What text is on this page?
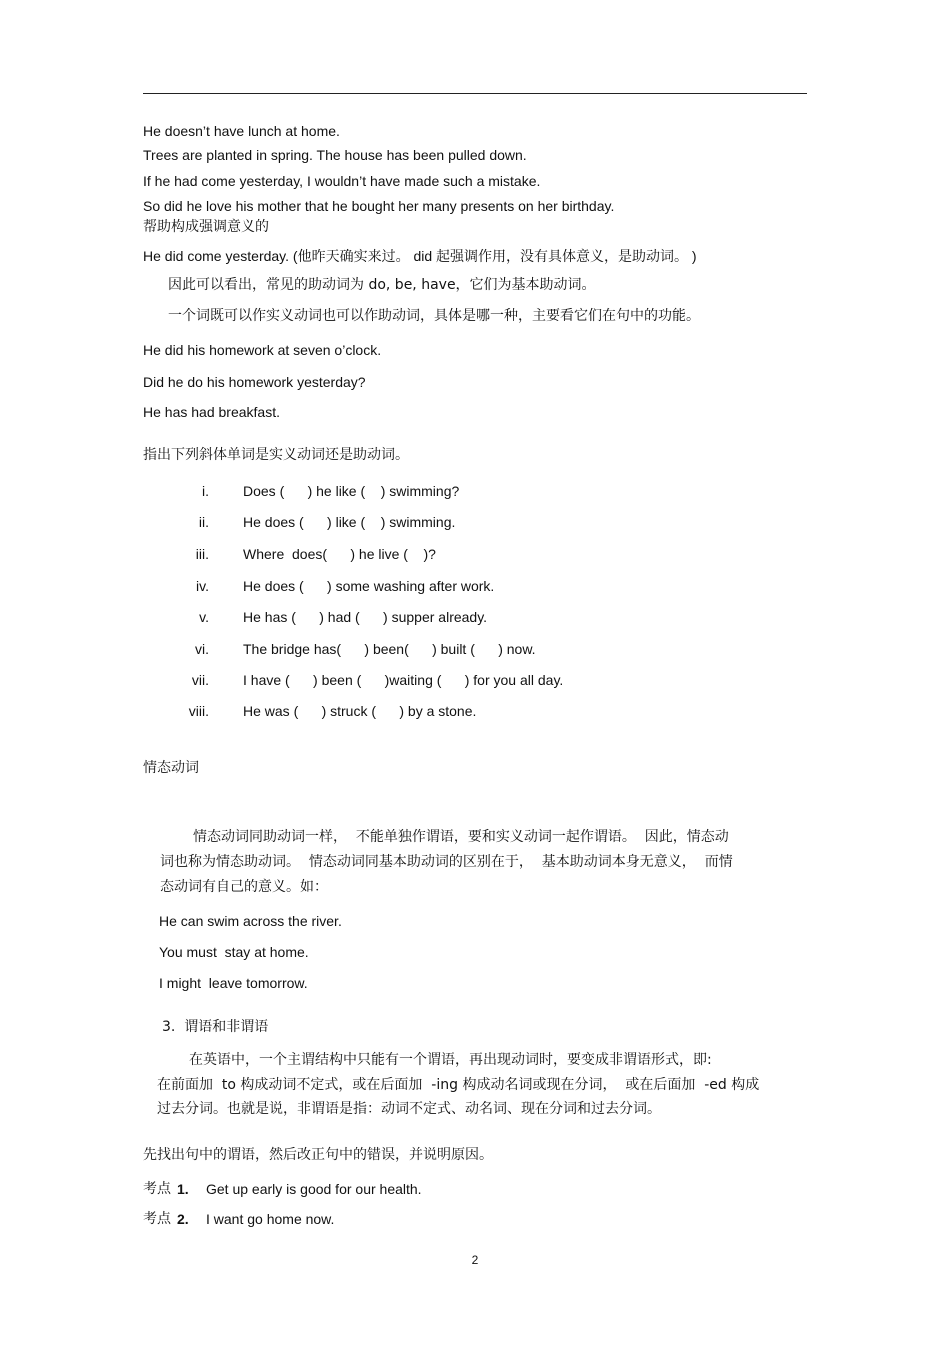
He doesn’t have lunch at home.
Trees are planted in spring. The house has been pulled down.
If he had come yesterday, I wouldn’t have made such a mistake.
So did he love his mother that he bought her many presents on her birthday.
帮助构成强调意义的
He did come yesterday. (他昨天确实来过。 did 起强调作用，没有具体意义，是助动词。 )
因此可以看出，常见的助动词为 do, be, have，它们为基本助动词。
一个词既可以作实义动词也可以作助动词，具体是哪一种，主要看它们在句中的功能。
He did his homework at seven o’clock.
Did he do his homework yesterday?
He has had breakfast.
指出下列斜体单词是实义动词还是助动词。
i. Does (      ) he like (    ) swimming?
ii. He does (      ) like (    ) swimming.
iii. Where  does(      ) he live (    )?
iv. He does (      ) some washing after work.
v. He has (      ) had (      ) supper already.
vi. The bridge has(      ) been(      ) built (      ) now.
vii. I have (      ) been (      )waiting (      ) for you all day.
viii. He was (      ) struck (      ) by a stone.
情态动词
情态动词同助动词一样，  不能单独作谓语，要和实义动词一起作谓语。  因此，情态动
词也称为情态助动词。  情态动词同基本助动词的区别在于，  基本助动词本身无意义，  而情
态动词有自己的意义。如：
He can swim across the river.
You must  stay at home.
I might  leave tomorrow.
3.  谓语和非谓语
在英语中，一个主谓结构中只能有一个谓语，再出现动词时，要变成非谓语形式，即:
在前面加  to 构成动词不定式，或在后面加  -ing 构成动名词或现在分词，  或在后面加  -ed 构成
过去分词。也就是说，非谓语是指：动词不定式、动名词、现在分词和过去分词。
先找出句中的谓语，然后改正句中的错误，并说明原因。
考点 1. Get up early is good for our health.
考点 2. I want go home now.
2
